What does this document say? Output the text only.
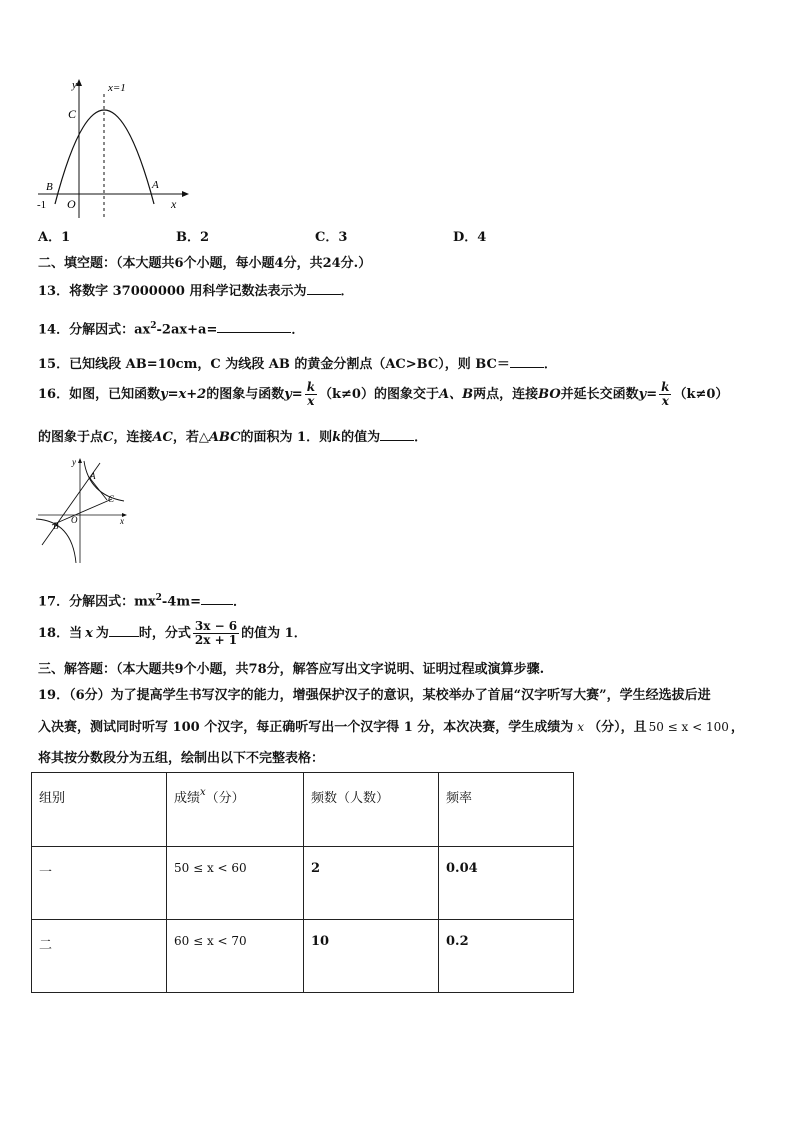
y
x
x=1
C
B	A
O
-1
A．1	B．2	C．3	D．4
二、填空题：（本大题共6个小题，每小题4分，共24分.）
13．将数字 37000000 用科学记数法表示为	．
14．分解因式：$ax^2-2ax+a=$	．
15．已知线段 AB=10cm，C 为线段 AB 的黄金分割点（AC>BC），则 BC＝	．
16．如图，已知函数y=x+2的图象与函数$y= \frac{k}{x} (k\ne 0)$的图象交于A、B两点，连接BO并延长交函数$y= \frac{k}{x} (k\ne 0)$
的图象于点C，连接AC，若△ABC的面积为 1．则k的值为	．
y
x
A
B
C
O
17．分解因式：$mx^2-4m=$ ．
18．当 x 为 时，分式 $\frac{3x - 6}{2x + 1}$ 的值为 1．
三、解答题：（本大题共9个小题，共78分，解答应写出文字说明、证明过程或演算步骤.
19．（6分）为了提高学生书写汉字的能力，增强保护汉子的意识，某校举办了首届“汉字听写大赛”，学生经选拔后进
入决赛，测试同时听写 100 个汉字，每正确听写出一个汉字得 1 分，本次决赛，学生成绩为 x （分），且 50 ≤ x < 100 ，
将其按分数段分为五组，绘制出以下不完整表格：
组别	成绩$^x$（分）	频数（人数）	频率
一	50 ≤ x < 60	2	0.04
二	60 ≤ x < 70	10	0.2
